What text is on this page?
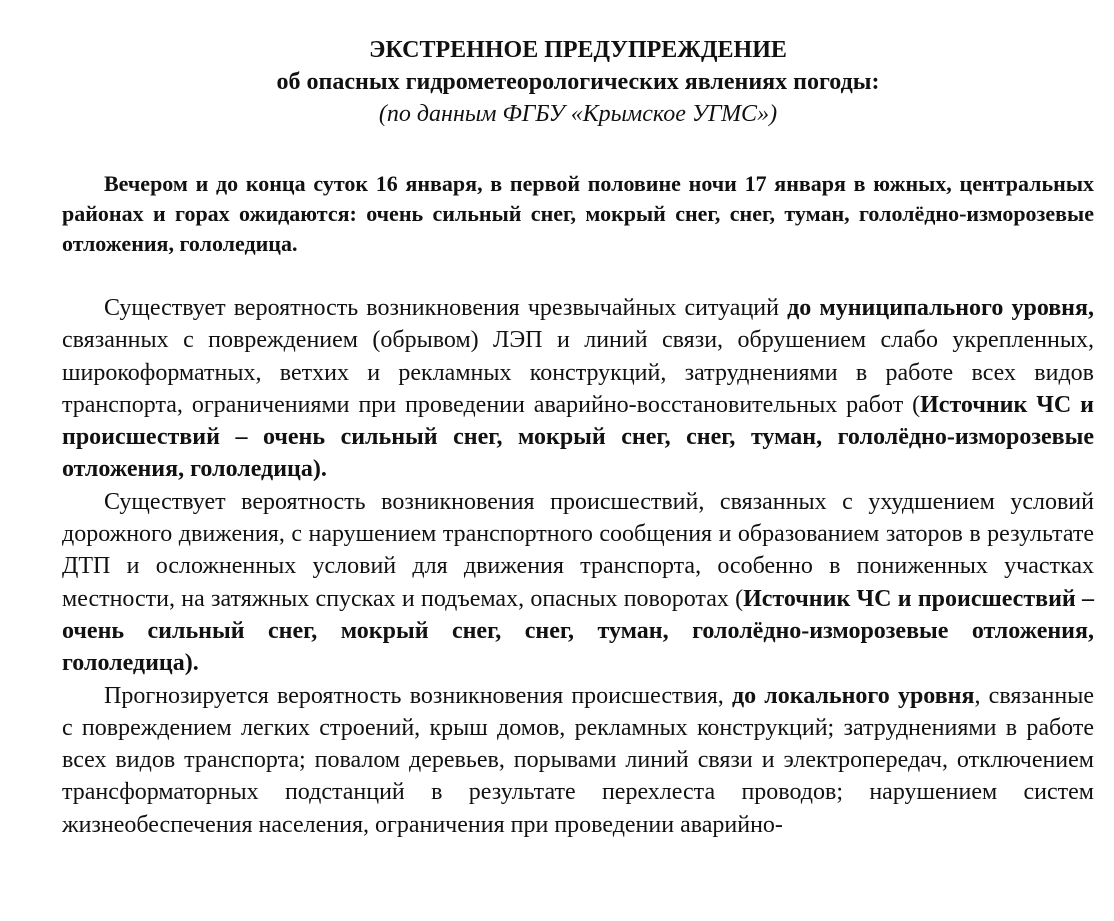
ЭКСТРЕННОЕ ПРЕДУПРЕЖДЕНИЕ

об опасных гидрометеорологических явлениях погоды:

(по данным ФГБУ «Крымское УГМС»)

Вечером и до конца суток 16 января, в первой половине ночи 17 января в южных, центральных районах и горах ожидаются: очень сильный снег, мокрый снег, снег, туман, гололёдно-изморозевые отложения, гололедица.

Существует вероятность возникновения чрезвычайных ситуаций до муниципального уровня, связанных с повреждением (обрывом) ЛЭП и линий связи, обрушением слабо укрепленных, широкоформатных, ветхих и рекламных конструкций, затруднениями в работе всех видов транспорта, ограничениями при проведении аварийно-восстановительных работ (Источник ЧС и происшествий – очень сильный снег, мокрый снег, снег, туман, гололёдно-изморозевые отложения, гололедица).

Существует вероятность возникновения происшествий, связанных с ухудшением условий дорожного движения, с нарушением транспортного сообщения и образованием заторов в результате ДТП и осложненных условий для движения транспорта, особенно в пониженных участках местности, на затяжных спусках и подъемах, опасных поворотах (Источник ЧС и происшествий – очень сильный снег, мокрый снег, снег, туман, гололёдно-изморозевые отложения, гололедица).

Прогнозируется вероятность возникновения происшествия, до локального уровня, связанные с повреждением легких строений, крыш домов, рекламных конструкций; затруднениями в работе всех видов транспорта; повалом деревьев, порывами линий связи и электропередач, отключением трансформаторных подстанций в результате перехлеста проводов; нарушением систем жизнеобеспечения населения, ограничения при проведении аварийно-
